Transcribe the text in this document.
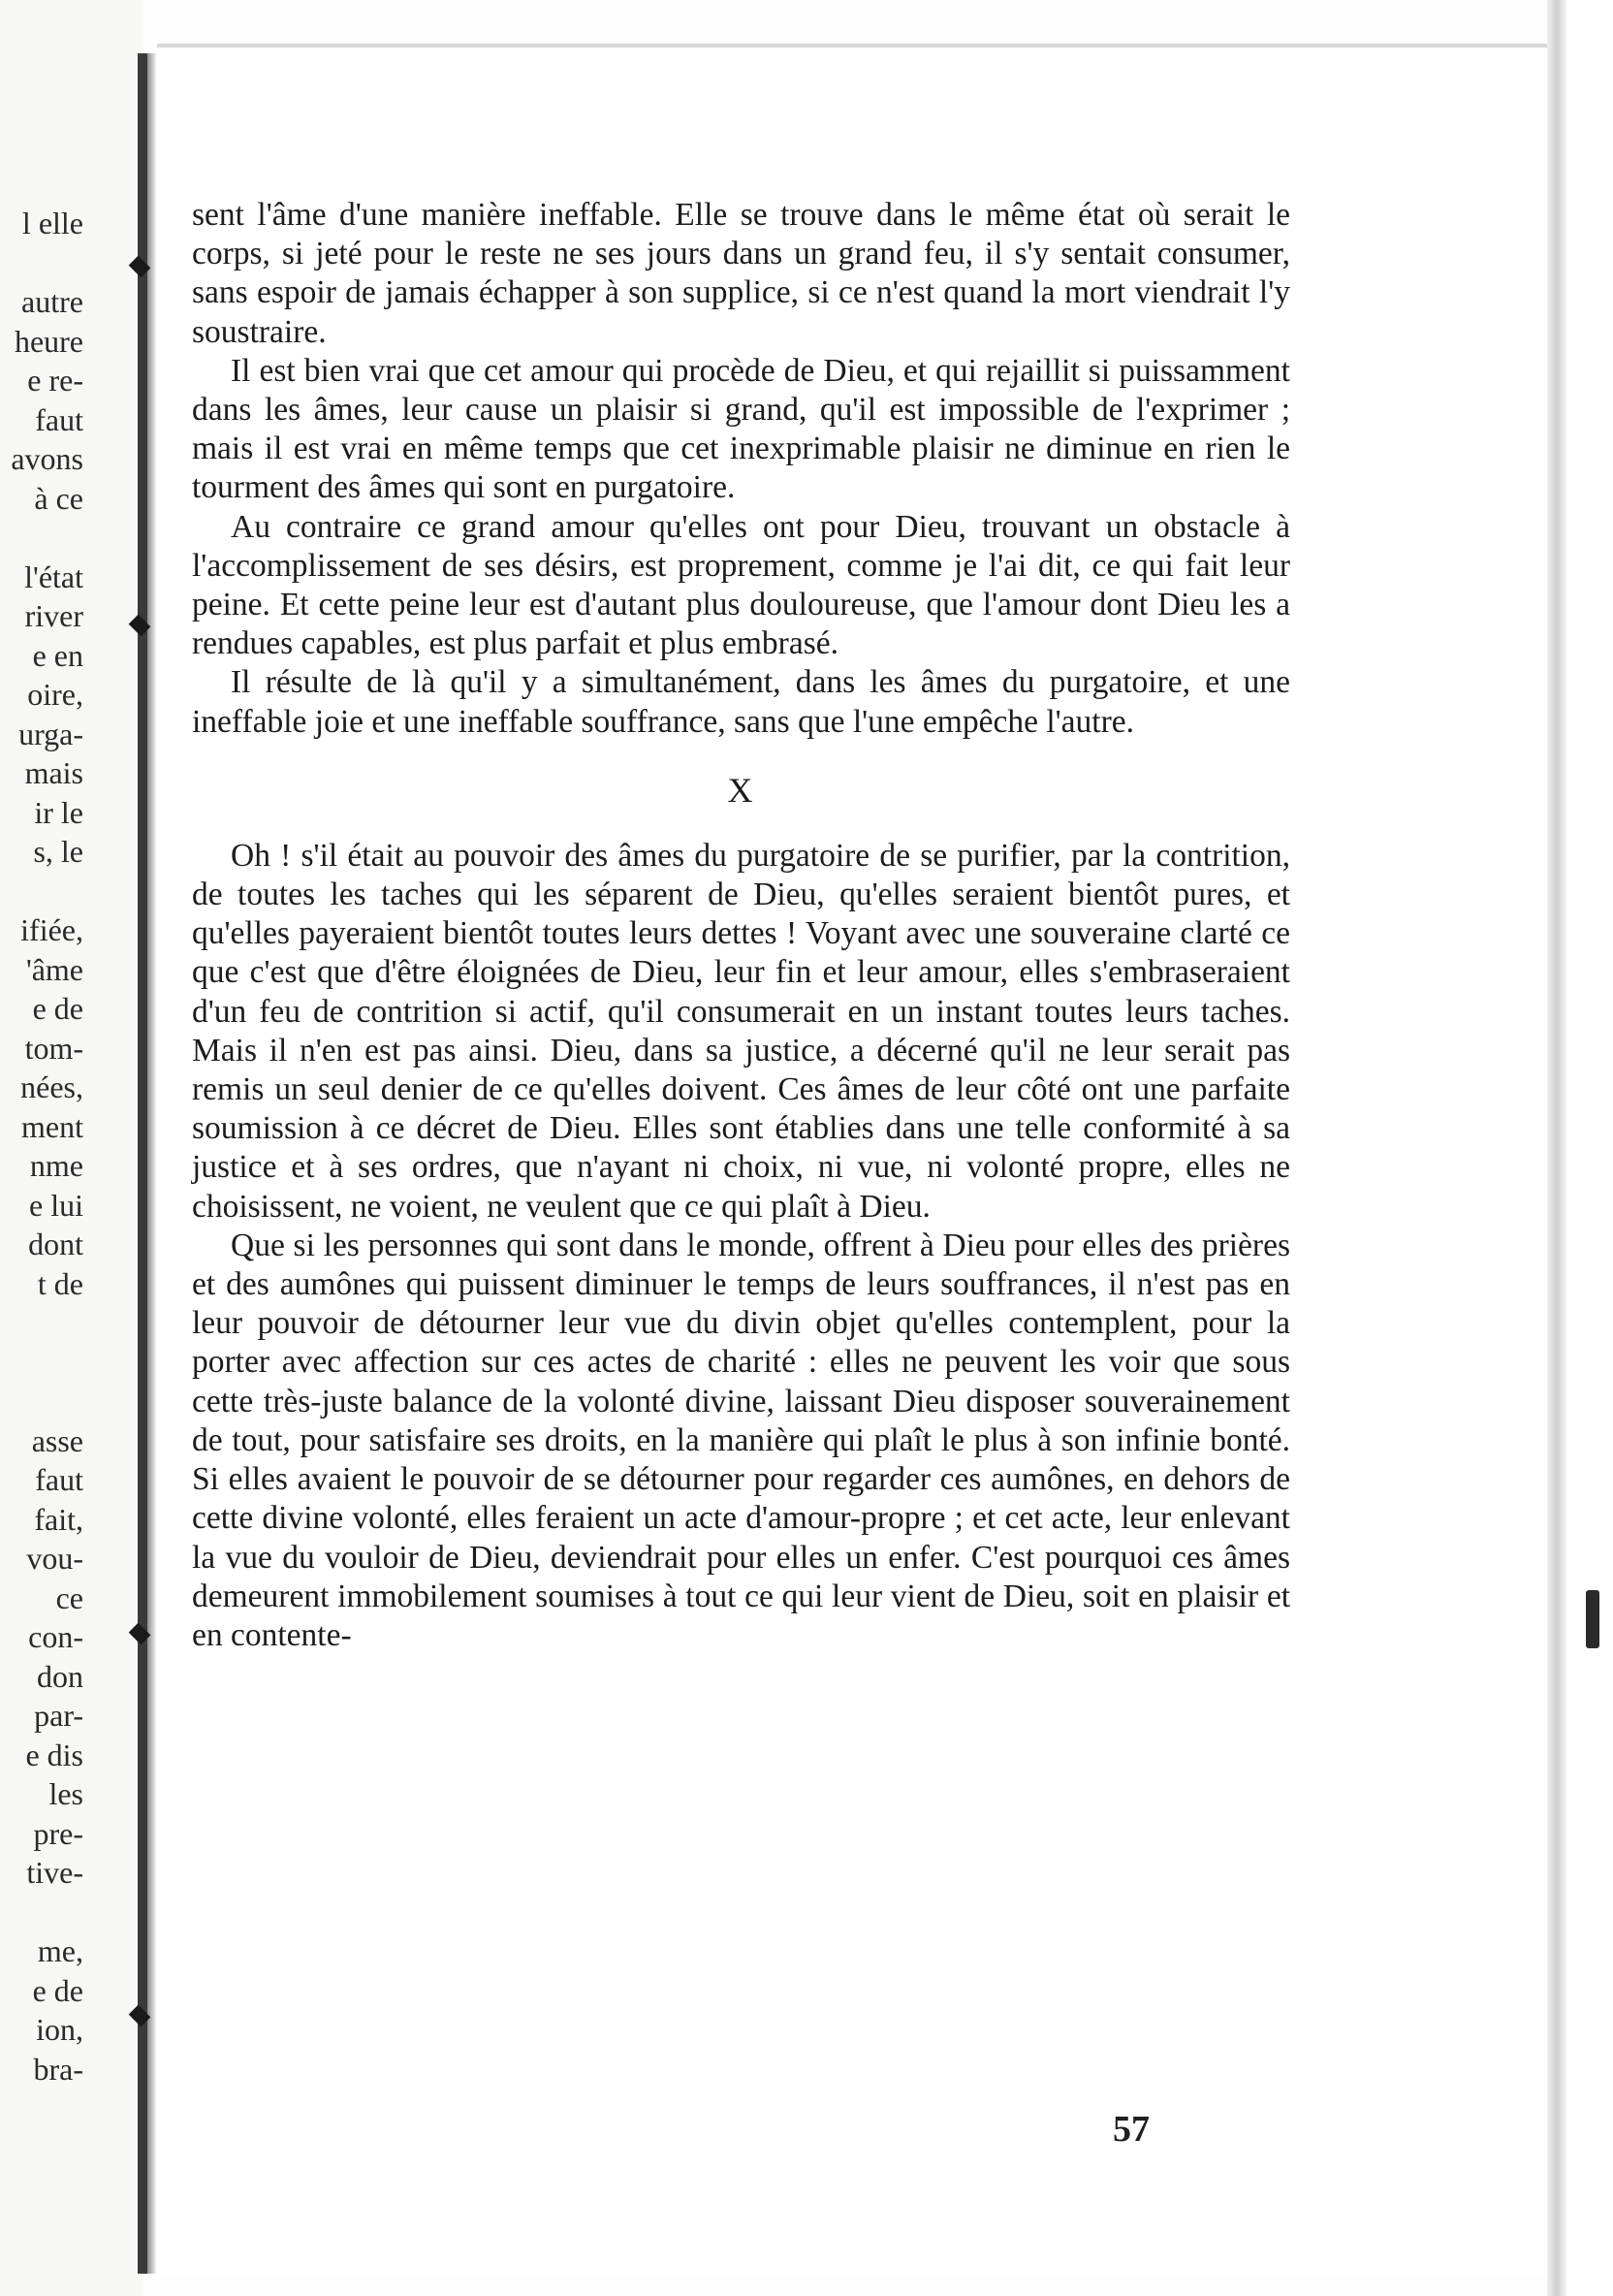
l elle
autre
heure
e re-
faut
avons
à ce
l'état
river
e en
oire,
urga-
mais
ir le
s, le
ifiée,
'âme
e de
tom-
nées,
ment
nme
e lui
dont
t de
asse
faut
fait,
vou-
ce
con-
don
par-
e dis
les
pre-
tive-
me,
e de
ion,
bra-

sent l'âme d'une manière ineffable. Elle se trouve dans le même état où serait le corps, si jeté pour le reste ne ses jours dans un grand feu, il s'y sentait consumer, sans espoir de jamais échapper à son supplice, si ce n'est quand la mort viendrait l'y soustraire.

Il est bien vrai que cet amour qui procède de Dieu, et qui rejaillit si puissamment dans les âmes, leur cause un plaisir si grand, qu'il est impossible de l'exprimer ; mais il est vrai en même temps que cet inexprimable plaisir ne diminue en rien le tourment des âmes qui sont en purgatoire.

Au contraire ce grand amour qu'elles ont pour Dieu, trouvant un obstacle à l'accomplissement de ses désirs, est proprement, comme je l'ai dit, ce qui fait leur peine. Et cette peine leur est d'autant plus douloureuse, que l'amour dont Dieu les a rendues capables, est plus parfait et plus embrasé.

Il résulte de là qu'il y a simultanément, dans les âmes du purgatoire, et une ineffable joie et une ineffable souffrance, sans que l'une empêche l'autre.

X

Oh ! s'il était au pouvoir des âmes du purgatoire de se purifier, par la contrition, de toutes les taches qui les séparent de Dieu, qu'elles seraient bientôt pures, et qu'elles payeraient bientôt toutes leurs dettes ! Voyant avec une souveraine clarté ce que c'est que d'être éloignées de Dieu, leur fin et leur amour, elles s'embraseraient d'un feu de contrition si actif, qu'il consumerait en un instant toutes leurs taches. Mais il n'en est pas ainsi. Dieu, dans sa justice, a décerné qu'il ne leur serait pas remis un seul denier de ce qu'elles doivent. Ces âmes de leur côté ont une parfaite soumission à ce décret de Dieu. Elles sont établies dans une telle conformité à sa justice et à ses ordres, que n'ayant ni choix, ni vue, ni volonté propre, elles ne choisissent, ne voient, ne veulent que ce qui plaît à Dieu.

Que si les personnes qui sont dans le monde, offrent à Dieu pour elles des prières et des aumônes qui puissent diminuer le temps de leurs souffrances, il n'est pas en leur pouvoir de détourner leur vue du divin objet qu'elles contemplent, pour la porter avec affection sur ces actes de charité : elles ne peuvent les voir que sous cette très-juste balance de la volonté divine, laissant Dieu disposer souverainement de tout, pour satisfaire ses droits, en la manière qui plaît le plus à son infinie bonté. Si elles avaient le pouvoir de se détourner pour regarder ces aumônes, en dehors de cette divine volonté, elles feraient un acte d'amour-propre ; et cet acte, leur enlevant la vue du vouloir de Dieu, deviendrait pour elles un enfer. C'est pourquoi ces âmes demeurent immobilement soumises à tout ce qui leur vient de Dieu, soit en plaisir et en contente-

57
